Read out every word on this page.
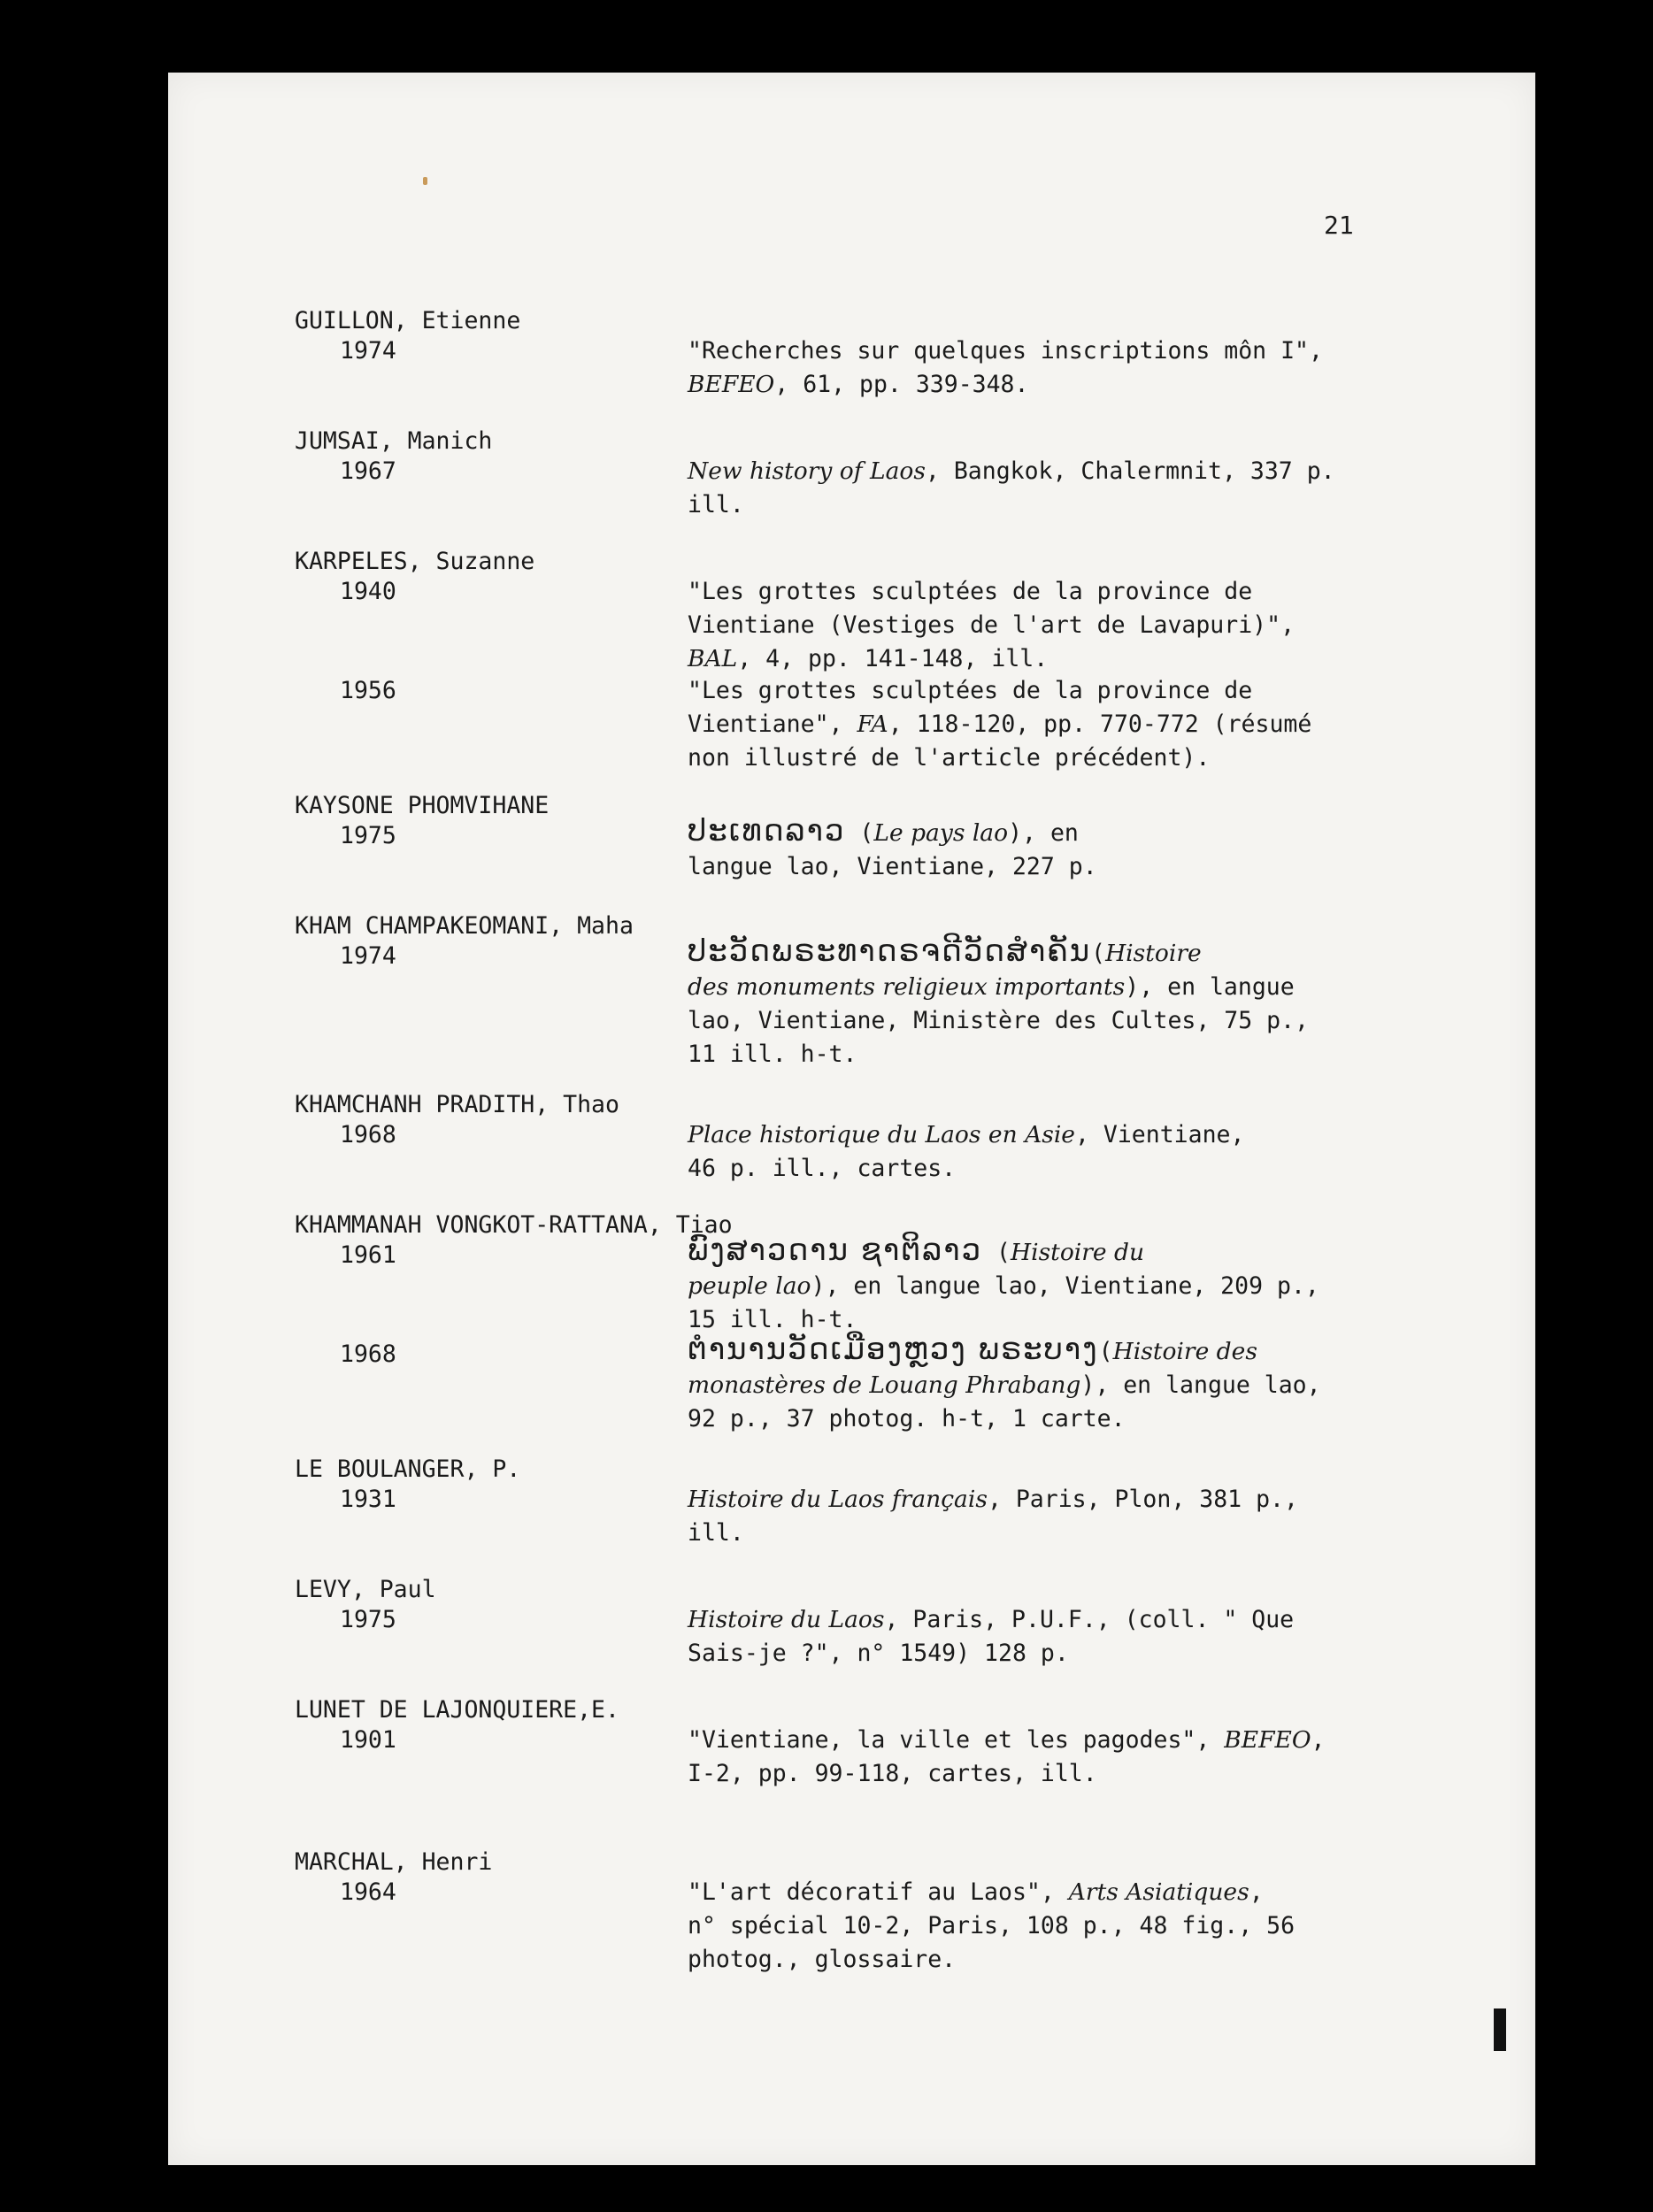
21
GUILLON, Etienne
1974	"Recherches sur quelques inscriptions môn I",
BEFEO, 61, pp. 339-348.
JUMSAI, Manich
1967	New history of Laos, Bangkok, Chalermnit, 337 p.
ill.
KARPELES, Suzanne
1940	"Les grottes sculptées de la province de
Vientiane (Vestiges de l'art de Lavapuri)",
BAL, 4, pp. 141-148, ill.
1956	"Les grottes sculptées de la province de
Vientiane", FA, 118-120, pp. 770-772 (résumé
non illustré de l'article précédent).
KAYSONE PHOMVIHANE
1975	ປະເທດລາວ (Le pays lao), en
langue lao, Vientiane, 227 p.
KHAM CHAMPAKEOMANI, Maha
1974	ປະວັດພຣະທາດຣຈດີວັດສໍາຄັນ(Histoire
des monuments religieux importants), en langue
lao, Vientiane, Ministère des Cultes, 75 p.,
11 ill. h-t.
KHAMCHANH PRADITH, Thao
1968	Place historique du Laos en Asie, Vientiane,
46 p. ill., cartes.
KHAMMANAH VONGKOT-RATTANA, Tiao
1961	ພົງສາວດານ ຊາຕິລາວ (Histoire du
peuple lao), en langue lao, Vientiane, 209 p.,
15 ill. h-t.
1968	ຕໍານານວັດເມືອງຫຼວງ ພຣະບາງ(Histoire des
monastères de Louang Phrabang), en langue lao,
92 p., 37 photog. h-t, 1 carte.
LE BOULANGER, P.
1931	Histoire du Laos français, Paris, Plon, 381 p.,
ill.
LEVY, Paul
1975	Histoire du Laos, Paris, P.U.F., (coll. " Que
Sais-je ?", n° 1549) 128 p.
LUNET DE LAJONQUIERE,E.
1901	"Vientiane, la ville et les pagodes", BEFEO,
I-2, pp. 99-118, cartes, ill.
MARCHAL, Henri
1964	"L'art décoratif au Laos", Arts Asiatiques,
n° spécial 10-2, Paris, 108 p., 48 fig., 56
photog., glossaire.
